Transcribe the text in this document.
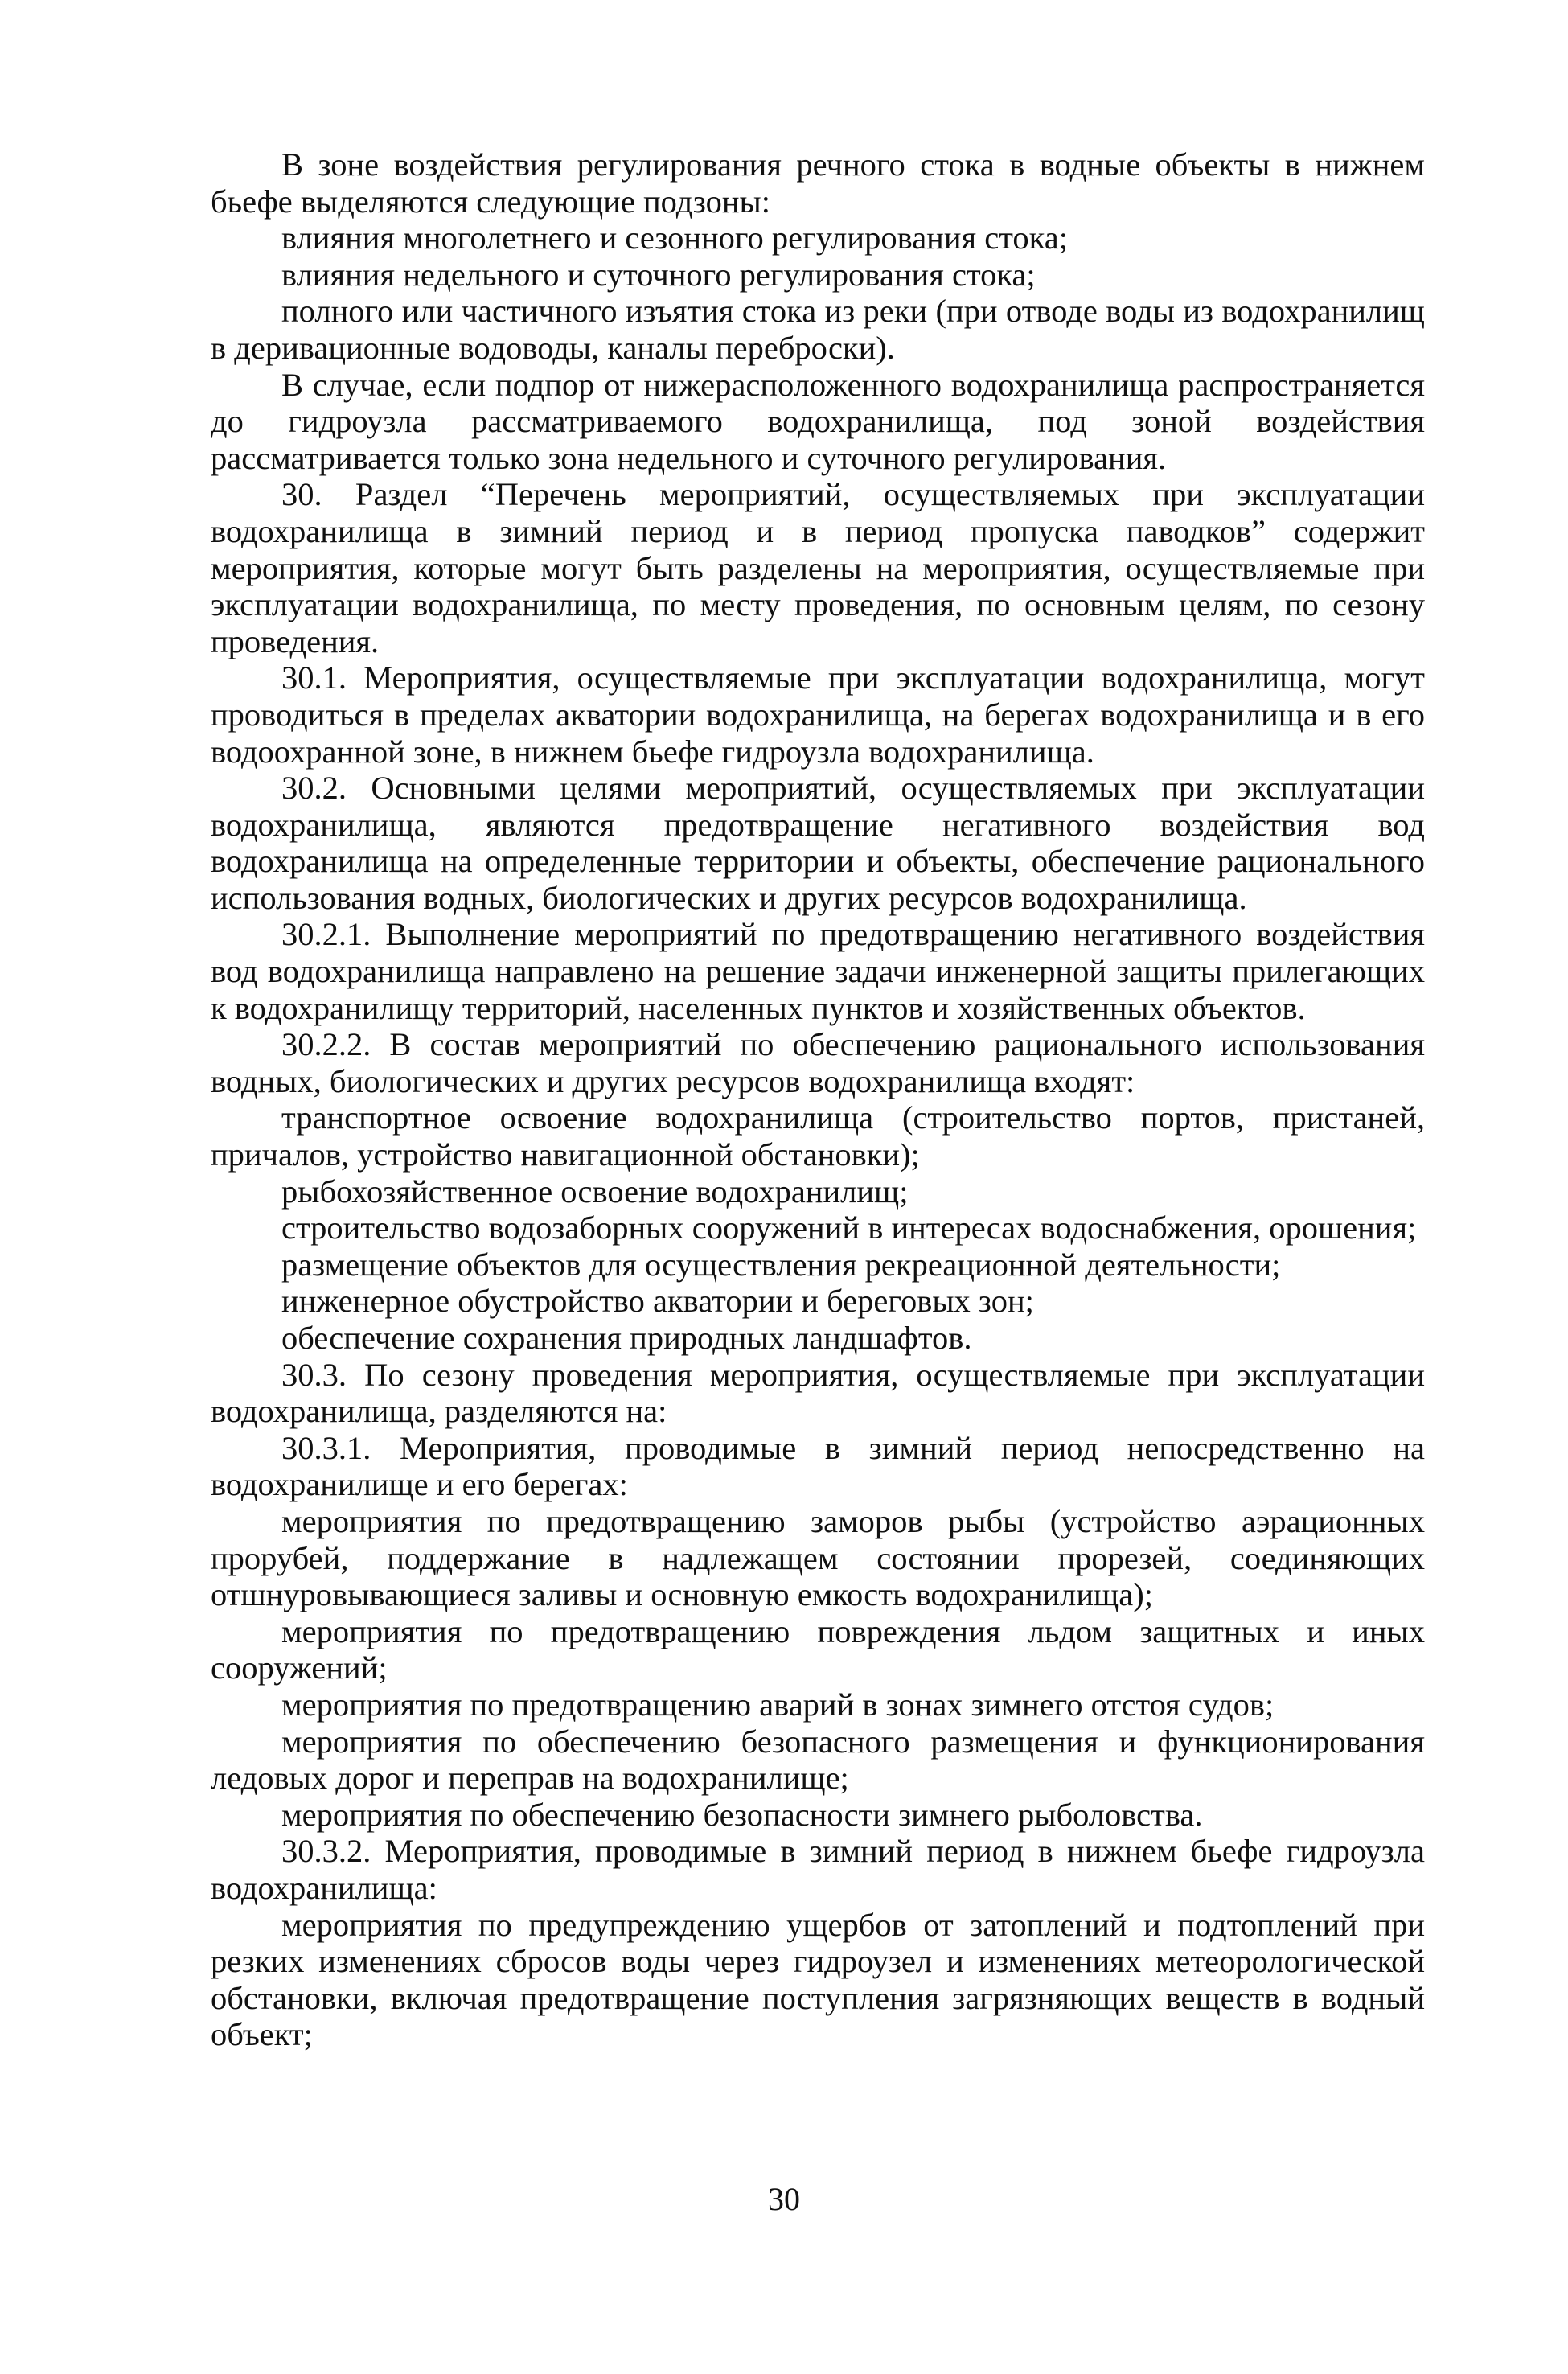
В зоне воздействия регулирования речного стока в водные объекты в нижнем бьефе выделяются следующие подзоны:

влияния многолетнего и сезонного регулирования стока;

влияния недельного и суточного регулирования стока;

полного или частичного изъятия стока из реки (при отводе воды из водохранилищ в деривационные водоводы, каналы переброски).

В случае, если подпор от нижерасположенного водохранилища распространяется до гидроузла рассматриваемого водохранилища, под зоной воздействия рассматривается только зона недельного и суточного регулирования.

30. Раздел “Перечень мероприятий, осуществляемых при эксплуатации водохранилища в зимний период и в период пропуска паводков” содержит мероприятия, которые могут быть разделены на мероприятия, осуществляемые при эксплуатации водохранилища, по месту проведения, по основным целям, по сезону проведения.

30.1. Мероприятия, осуществляемые при эксплуатации водохранилища, могут проводиться в пределах акватории водохранилища, на берегах водохранилища и в его водоохранной зоне, в нижнем бьефе гидроузла водохранилища.

30.2. Основными целями мероприятий, осуществляемых при эксплуатации водохранилища, являются предотвращение негативного воздействия вод водохранилища на определенные территории и объекты, обеспечение рационального использования водных, биологических и других ресурсов водохранилища.

30.2.1. Выполнение мероприятий по предотвращению негативного воздействия вод водохранилища направлено на решение задачи инженерной защиты прилегающих к водохранилищу территорий, населенных пунктов и хозяйственных объектов.

30.2.2. В состав мероприятий по обеспечению рационального использования водных, биологических и других ресурсов водохранилища входят:

транспортное освоение водохранилища (строительство портов, пристаней, причалов, устройство навигационной обстановки);

рыбохозяйственное освоение водохранилищ;

строительство водозаборных сооружений в интересах водоснабжения, орошения;

размещение объектов для осуществления рекреационной деятельности;

инженерное обустройство акватории и береговых зон;

обеспечение сохранения природных ландшафтов.

30.3. По сезону проведения мероприятия, осуществляемые при эксплуатации водохранилища, разделяются на:

30.3.1. Мероприятия, проводимые в зимний период непосредственно на водохранилище и его берегах:

мероприятия по предотвращению заморов рыбы (устройство аэрационных прорубей, поддержание в надлежащем состоянии прорезей, соединяющих отшнуровывающиеся заливы и основную емкость водохранилища);

мероприятия по предотвращению повреждения льдом защитных и иных сооружений;

мероприятия по предотвращению аварий в зонах зимнего отстоя судов;

мероприятия по обеспечению безопасного размещения и функционирования ледовых дорог и переправ на водохранилище;

мероприятия по обеспечению безопасности зимнего рыболовства.

30.3.2. Мероприятия, проводимые в зимний период в нижнем бьефе гидроузла водохранилища:

мероприятия по предупреждению ущербов от затоплений и подтоплений при резких изменениях сбросов воды через гидроузел и изменениях метеорологической обстановки, включая предотвращение поступления загрязняющих веществ в водный объект;

30
